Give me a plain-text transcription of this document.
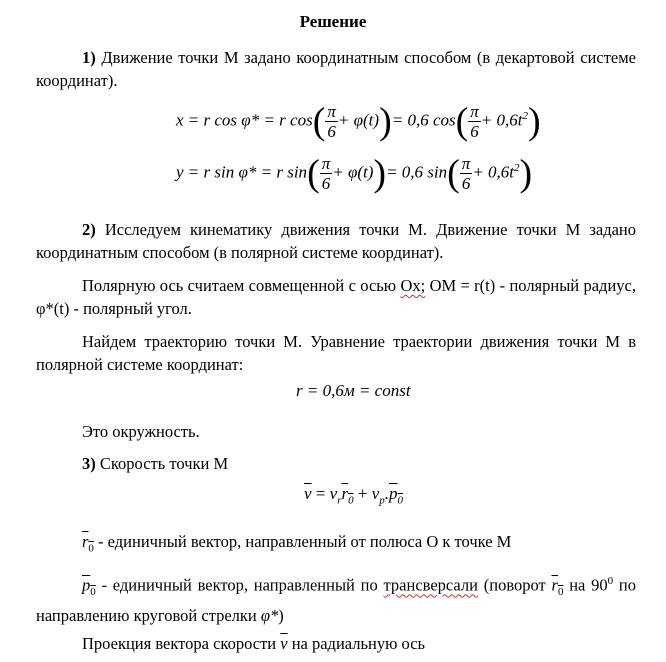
Решение
1) Движение точки М задано координатным способом (в декартовой системе координат).
x = r cos φ* = r $\cos( \frac{\pi}{6} + \varphi(t))= 0,6$ $\cos( \frac{\pi}{6} + 0,6t^2)$
y = r sin φ* = r $\sin( \frac{\pi}{6} + \varphi(t))= 0,6$ $\sin( \frac{\pi}{6} + 0,6t^2)$
2) Исследуем кинематику движения точки М. Движение точки М задано координатным способом (в полярной системе координат).
Полярную ось считаем совмещенной с осью Ох; ОМ = r(t) - полярный радиус, φ*(t) - полярный угол.
Найдем траекторию точки М. Уравнение траектории движения точки М в полярной системе координат:
r = 0,6м = const
Это окружность.
3) Скорость точки М
$\overline{v} = v_r\overline{r}_0 + v_p.\overline{p}_0$
$\overline{r}_0$ - единичный вектор, направленный от полюса О к точке М
$\overline{p}_0$ - единичный вектор, направленный по трансверсали (поворот $\overline{r}_0$ на $90^0$ по направлению круговой стрелки φ*)
Проекция вектора скорости $\overline{v}$ на радиальную ось
